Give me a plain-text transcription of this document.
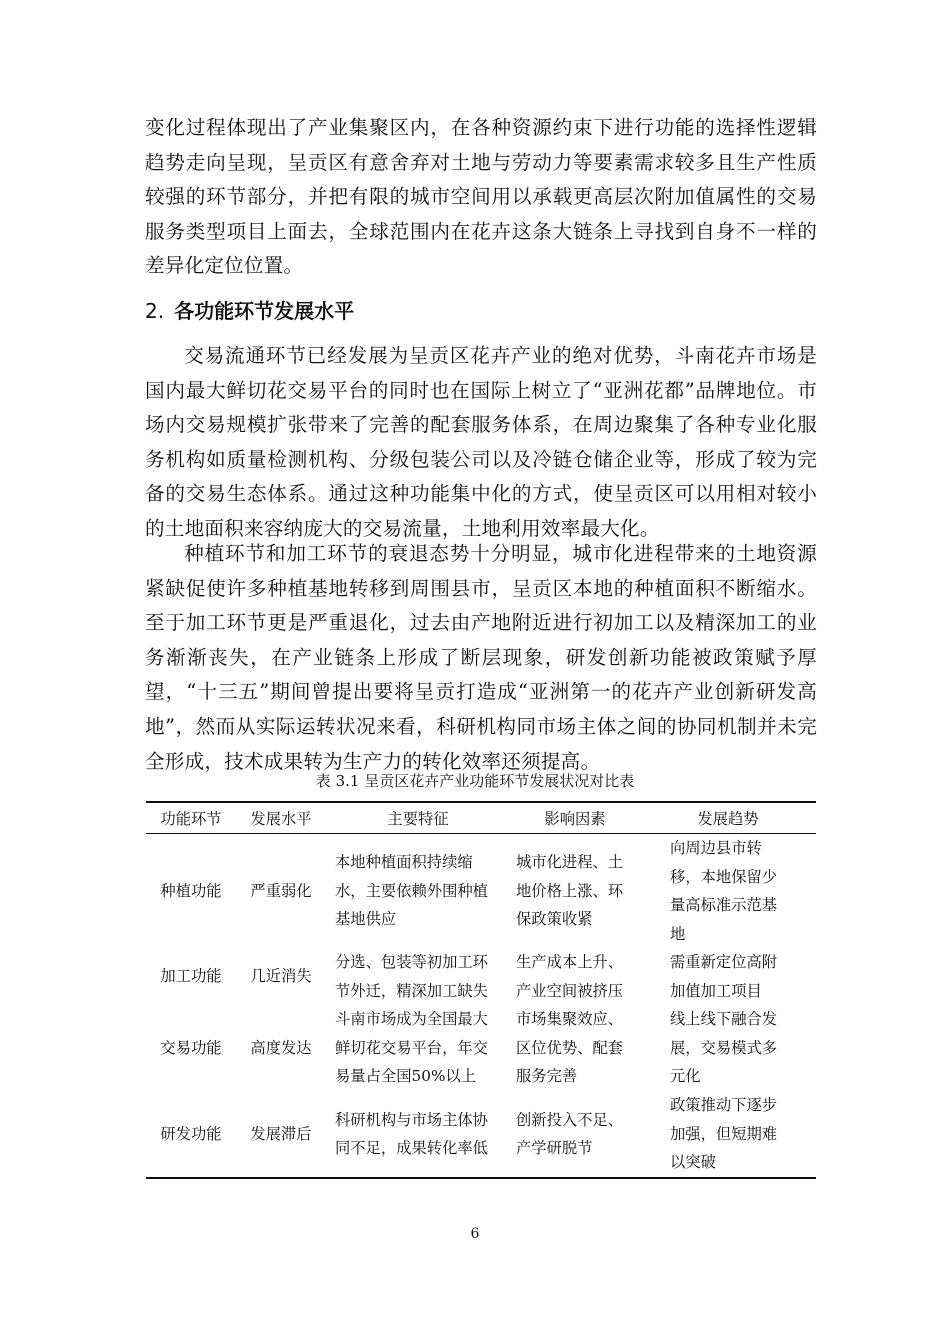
变化过程体现出了产业集聚区内，在各种资源约束下进行功能的选择性逻辑趋势走向呈现，呈贡区有意舍弃对土地与劳动力等要素需求较多且生产性质较强的环节部分，并把有限的城市空间用以承载更高层次附加值属性的交易服务类型项目上面去，全球范围内在花卉这条大链条上寻找到自身不一样的差异化定位位置。

2. 各功能环节发展水平

交易流通环节已经发展为呈贡区花卉产业的绝对优势，斗南花卉市场是国内最大鲜切花交易平台的同时也在国际上树立了“亚洲花都”品牌地位。市场内交易规模扩张带来了完善的配套服务体系，在周边聚集了各种专业化服务机构如质量检测机构、分级包装公司以及冷链仓储企业等，形成了较为完备的交易生态体系。通过这种功能集中化的方式，使呈贡区可以用相对较小的土地面积来容纳庞大的交易流量，土地利用效率最大化。

种植环节和加工环节的衰退态势十分明显，城市化进程带来的土地资源紧缺促使许多种植基地转移到周围县市，呈贡区本地的种植面积不断缩水。至于加工环节更是严重退化，过去由产地附近进行初加工以及精深加工的业务渐渐丧失，在产业链条上形成了断层现象，研发创新功能被政策赋予厚望，“十三五”期间曾提出要将呈贡打造成“亚洲第一的花卉产业创新研发高地”，然而从实际运转状况来看，科研机构同市场主体之间的协同机制并未完全形成，技术成果转为生产力的转化效率还须提高。

表 3.1 呈贡区花卉产业功能环节发展状况对比表

功能环节	发展水平	主要特征	影响因素	发展趋势
种植功能	严重弱化	本地种植面积持续缩水，主要依赖外围种植基地供应	城市化进程、土地价格上涨、环保政策收紧	向周边县市转移，本地保留少量高标准示范基地

加工功能	几近消失	分选、包装等初加工环节外迁，精深加工缺失	生产成本上升、产业空间被挤压	需重新定位高附加值加工项目

交易功能	高度发达	斗南市场成为全国最大鲜切花交易平台，年交易量占全国50%以上	市场集聚效应、区位优势、配套服务完善	线上线下融合发展，交易模式多元化

研发功能	发展滞后	科研机构与市场主体协同不足，成果转化率低	创新投入不足、产学研脱节	政策推动下逐步加强，但短期难以突破

6
